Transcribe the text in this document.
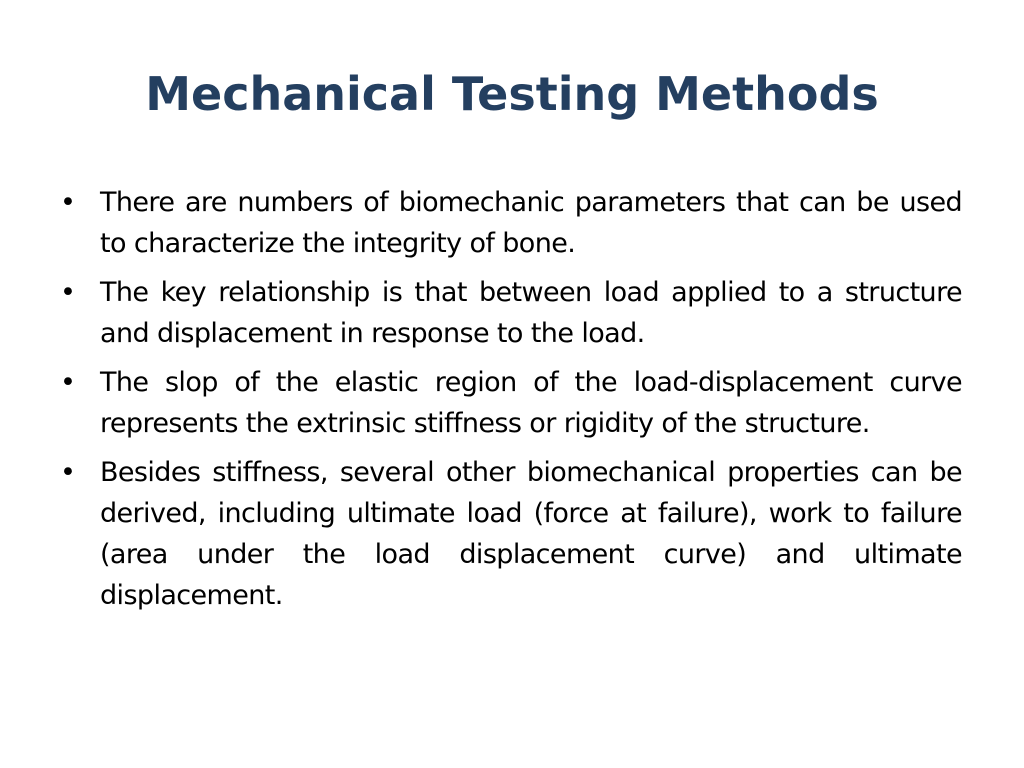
Mechanical Testing Methods
• There are numbers of biomechanic parameters that can be used to characterize the integrity of bone.
• The key relationship is that between load applied to a structure and displacement in response to the load.
• The slop of the elastic region of the load-displacement curve represents the extrinsic stiffness or rigidity of the structure.
• Besides stiffness, several other biomechanical properties can be derived, including ultimate load (force at failure), work to failure (area under the load displacement curve) and ultimate displacement.
